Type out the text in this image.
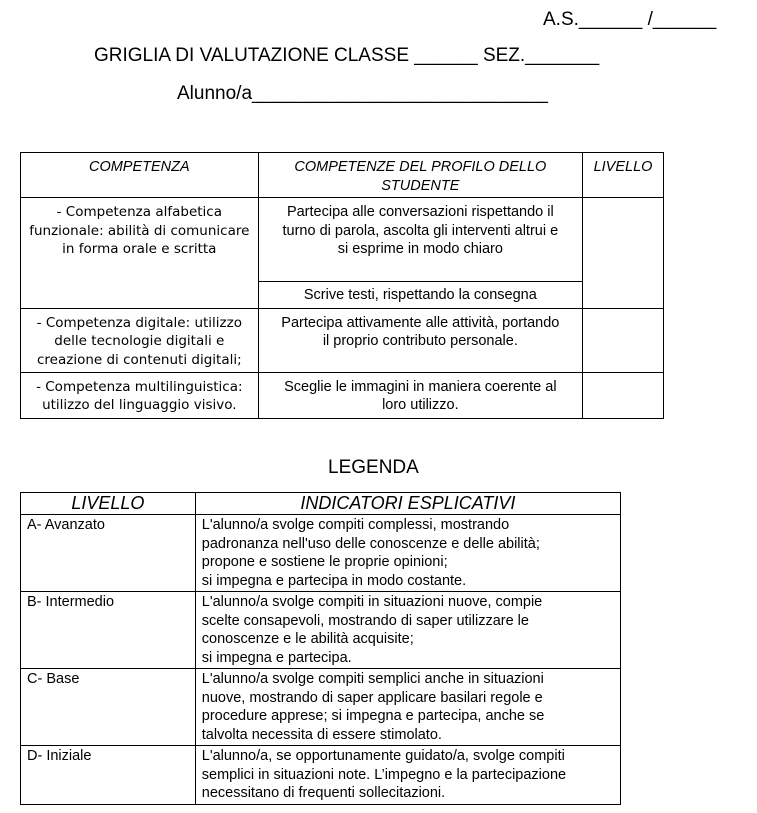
A.S.______ /______
GRIGLIA DI VALUTAZIONE CLASSE ______ SEZ._______
Alunno/a____________________________
COMPETENZA	COMPETENZE DEL PROFILO DELLO STUDENTE	LIVELLO
- Competenza alfabetica funzionale: abilità di comunicare in forma orale e scritta	Partecipa alle conversazioni rispettando il turno di parola, ascolta gli interventi altrui e si esprime in modo chiaro	
	Scrive testi, rispettando la consegna	
- Competenza digitale: utilizzo delle tecnologie digitali e creazione di contenuti digitali;	Partecipa attivamente alle attività, portando il proprio contributo personale.	
- Competenza multilinguistica: utilizzo del linguaggio visivo.	Sceglie le immagini in maniera coerente al loro utilizzo.	
LEGENDA
LIVELLO	INDICATORI ESPLICATIVI
A- Avanzato	L'alunno/a svolge compiti complessi, mostrando
padronanza nell'uso delle conoscenze e delle abilità;
propone e sostiene le proprie opinioni;
si impegna e partecipa in modo costante.

B- Intermedio	L'alunno/a svolge compiti in situazioni nuove, compie
scelte consapevoli, mostrando di saper utilizzare le
conoscenze e le abilità acquisite;
si impegna e partecipa.

C- Base	L'alunno/a svolge compiti semplici anche in situazioni
nuove, mostrando di saper applicare basilari regole e
procedure apprese; si impegna e partecipa, anche se
talvolta necessita di essere stimolato.

D- Iniziale	L'alunno/a, se opportunamente guidato/a, svolge compiti
semplici in situazioni note. L’impegno e la partecipazione
necessitano di frequenti sollecitazioni.
